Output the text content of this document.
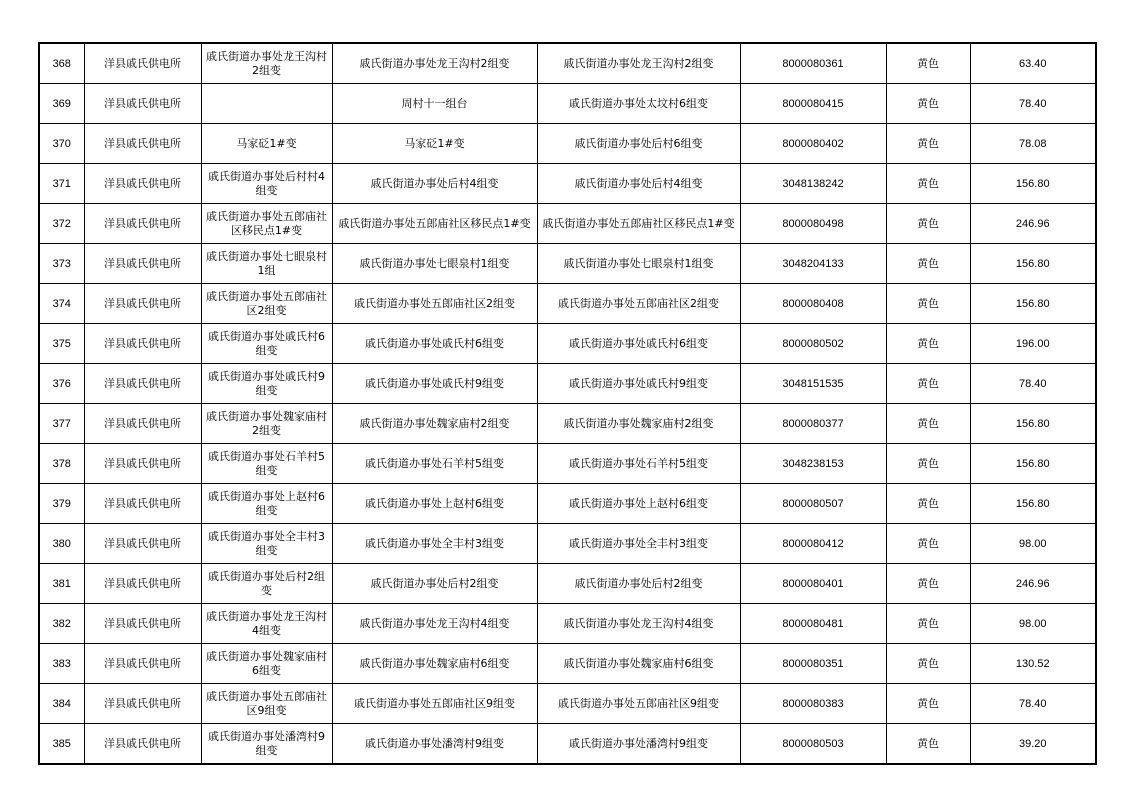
368	洋县戚氏供电所	戚氏街道办事处龙王沟村2组变	戚氏街道办事处龙王沟村2组变	戚氏街道办事处龙王沟村2组变	8000080361	黄色	63.40
369	洋县戚氏供电所		周村十一组台	戚氏街道办事处太坟村6组变	8000080415	黄色	78.40
370	洋县戚氏供电所	马家砭1#变	马家砭1#变	戚氏街道办事处后村6组变	8000080402	黄色	78.08
371	洋县戚氏供电所	戚氏街道办事处后村村4组变	戚氏街道办事处后村4组变	戚氏街道办事处后村4组变	3048138242	黄色	156.80
372	洋县戚氏供电所	戚氏街道办事处五郎庙社区移民点1#变	戚氏街道办事处五郎庙社区移民点1#变	戚氏街道办事处五郎庙社区移民点1#变	8000080498	黄色	246.96
373	洋县戚氏供电所	戚氏街道办事处七眼泉村1组	戚氏街道办事处七眼泉村1组变	戚氏街道办事处七眼泉村1组变	3048204133	黄色	156.80
374	洋县戚氏供电所	戚氏街道办事处五郎庙社区2组变	戚氏街道办事处五郎庙社区2组变	戚氏街道办事处五郎庙社区2组变	8000080408	黄色	156.80
375	洋县戚氏供电所	戚氏街道办事处戚氏村6组变	戚氏街道办事处戚氏村6组变	戚氏街道办事处戚氏村6组变	8000080502	黄色	196.00
376	洋县戚氏供电所	戚氏街道办事处戚氏村9组变	戚氏街道办事处戚氏村9组变	戚氏街道办事处戚氏村9组变	3048151535	黄色	78.40
377	洋县戚氏供电所	戚氏街道办事处魏家庙村2组变	戚氏街道办事处魏家庙村2组变	戚氏街道办事处魏家庙村2组变	8000080377	黄色	156.80
378	洋县戚氏供电所	戚氏街道办事处石羊村5组变	戚氏街道办事处石羊村5组变	戚氏街道办事处石羊村5组变	3048238153	黄色	156.80
379	洋县戚氏供电所	戚氏街道办事处上赵村6组变	戚氏街道办事处上赵村6组变	戚氏街道办事处上赵村6组变	8000080507	黄色	156.80
380	洋县戚氏供电所	戚氏街道办事处全丰村3组变	戚氏街道办事处全丰村3组变	戚氏街道办事处全丰村3组变	8000080412	黄色	98.00
381	洋县戚氏供电所	戚氏街道办事处后村2组变	戚氏街道办事处后村2组变	戚氏街道办事处后村2组变	8000080401	黄色	246.96
382	洋县戚氏供电所	戚氏街道办事处龙王沟村4组变	戚氏街道办事处龙王沟村4组变	戚氏街道办事处龙王沟村4组变	8000080481	黄色	98.00
383	洋县戚氏供电所	戚氏街道办事处魏家庙村6组变	戚氏街道办事处魏家庙村6组变	戚氏街道办事处魏家庙村6组变	8000080351	黄色	130.52
384	洋县戚氏供电所	戚氏街道办事处五郎庙社区9组变	戚氏街道办事处五郎庙社区9组变	戚氏街道办事处五郎庙社区9组变	8000080383	黄色	78.40
385	洋县戚氏供电所	戚氏街道办事处潘湾村9组变	戚氏街道办事处潘湾村9组变	戚氏街道办事处潘湾村9组变	8000080503	黄色	39.20
